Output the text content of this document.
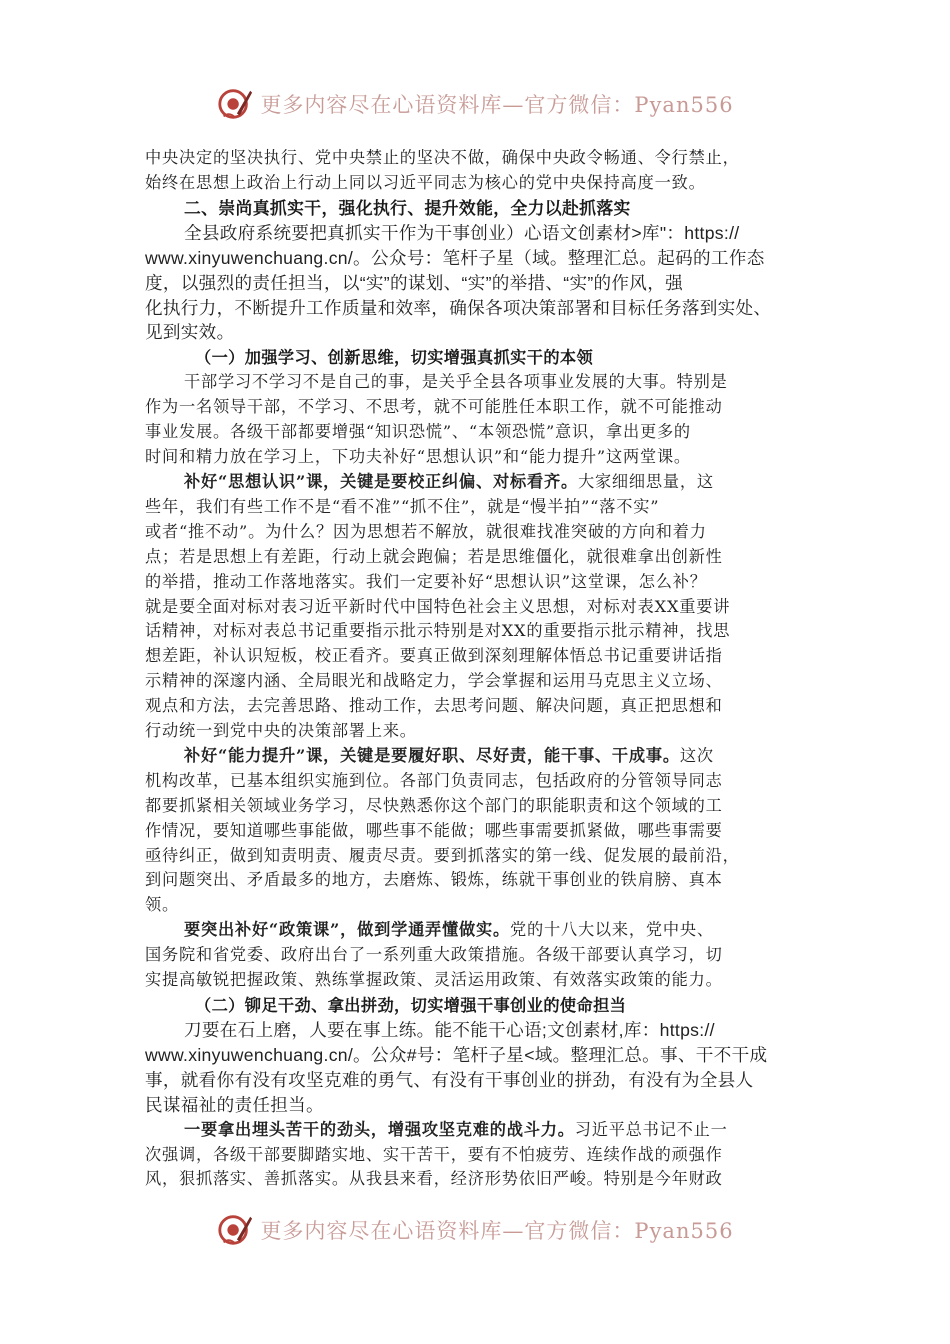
更多内容尽在心语资料库—官方微信：Pyan556

中央决定的坚决执行、党中央禁止的坚决不做，确保中央政令畅通、令行禁止，

始终在思想上政治上行动上同以习近平同志为核心的党中央保持高度一致。

二、崇尚真抓实干，强化执行、提升效能，全力以赴抓落实

全县政府系统要把真抓实干作为干事创业）心语文创素材>库"：https://

www.xinyuwenchuang.cn/。公众号：笔杆子星（域。整理汇总。起码的工作态

度，以强烈的责任担当，以“实”的谋划、“实”的举措、“实”的作风，强

化执行力，不断提升工作质量和效率，确保各项决策部署和目标任务落到实处、

见到实效。

（一）加强学习、创新思维，切实增强真抓实干的本领

干部学习不学习不是自己的事，是关乎全县各项事业发展的大事。特别是

作为一名领导干部，不学习、不思考，就不可能胜任本职工作，就不可能推动

事业发展。各级干部都要增强“知识恐慌”、“本领恐慌”意识，拿出更多的

时间和精力放在学习上，下功夫补好“思想认识”和“能力提升”这两堂课。

补好“思想认识”课，关键是要校正纠偏、对标看齐。大家细细思量，这

些年，我们有些工作不是“看不准”“抓不住”，就是“慢半拍”“落不实”

或者“推不动”。为什么？因为思想若不解放，就很难找准突破的方向和着力

点；若是思想上有差距，行动上就会跑偏；若是思维僵化，就很难拿出创新性

的举措，推动工作落地落实。我们一定要补好“思想认识”这堂课，怎么补？

就是要全面对标对表习近平新时代中国特色社会主义思想，对标对表XX重要讲

话精神，对标对表总书记重要指示批示特别是对XX的重要指示批示精神，找思

想差距，补认识短板，校正看齐。要真正做到深刻理解体悟总书记重要讲话指

示精神的深邃内涵、全局眼光和战略定力，学会掌握和运用马克思主义立场、

观点和方法，去完善思路、推动工作，去思考问题、解决问题，真正把思想和

行动统一到党中央的决策部署上来。

补好“能力提升”课，关键是要履好职、尽好责，能干事、干成事。这次

机构改革，已基本组织实施到位。各部门负责同志，包括政府的分管领导同志

都要抓紧相关领域业务学习，尽快熟悉你这个部门的职能职责和这个领域的工

作情况，要知道哪些事能做，哪些事不能做；哪些事需要抓紧做，哪些事需要

亟待纠正，做到知责明责、履责尽责。要到抓落实的第一线、促发展的最前沿，

到问题突出、矛盾最多的地方，去磨炼、锻炼，练就干事创业的铁肩膀、真本

领。

要突出补好“政策课”，做到学通弄懂做实。党的十八大以来，党中央、

国务院和省党委、政府出台了一系列重大政策措施。各级干部要认真学习，切

实提高敏锐把握政策、熟练掌握政策、灵活运用政策、有效落实政策的能力。

（二）铆足干劲、拿出拼劲，切实增强干事创业的使命担当

刀要在石上磨，人要在事上练。能不能干心语;文创素材,库：https://

www.xinyuwenchuang.cn/。公众#号：笔杆子星<域。整理汇总。事、干不干成

事，就看你有没有攻坚克难的勇气、有没有干事创业的拼劲，有没有为全县人

民谋福祉的责任担当。

一要拿出埋头苦干的劲头，增强攻坚克难的战斗力。习近平总书记不止一

次强调，各级干部要脚踏实地、实干苦干，要有不怕疲劳、连续作战的顽强作

风，狠抓落实、善抓落实。从我县来看，经济形势依旧严峻。特别是今年财政

更多内容尽在心语资料库—官方微信：Pyan556
